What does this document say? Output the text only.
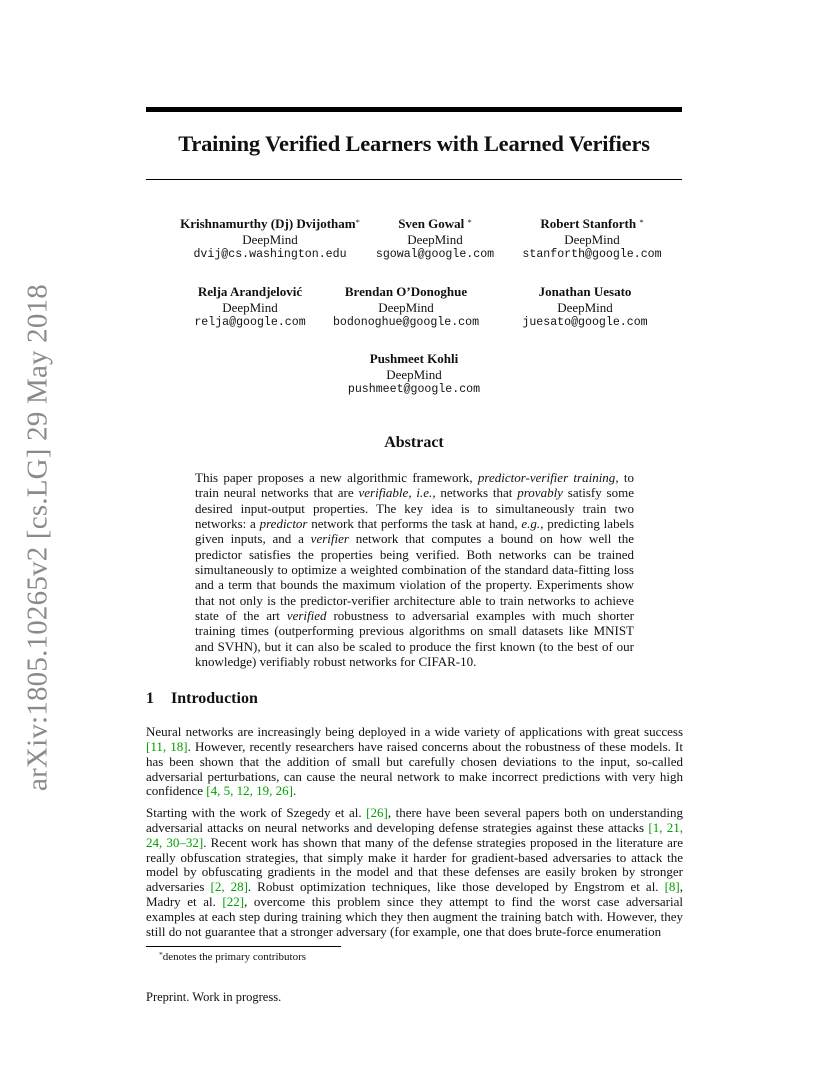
arXiv:1805.10265v2 [cs.LG] 29 May 2018
Training Verified Learners with Learned Verifiers
Krishnamurthy (Dj) Dvijotham*
DeepMind
dvij@cs.washington.edu
Sven Gowal *
DeepMind
sgowal@google.com
Robert Stanforth *
DeepMind
stanforth@google.com
Relja Arandjelović
DeepMind
relja@google.com
Brendan O’Donoghue
DeepMind
bodonoghue@google.com
Jonathan Uesato
DeepMind
juesato@google.com
Pushmeet Kohli
DeepMind
pushmeet@google.com
Abstract
This paper proposes a new algorithmic framework, predictor-verifier training, to train neural networks that are verifiable, i.e., networks that provably satisfy some desired input-output properties. The key idea is to simultaneously train two networks: a predictor network that performs the task at hand, e.g., predicting labels given inputs, and a verifier network that computes a bound on how well the predictor satisfies the properties being verified. Both networks can be trained simultaneously to optimize a weighted combination of the standard data-fitting loss and a term that bounds the maximum violation of the property. Experiments show that not only is the predictor-verifier architecture able to train networks to achieve state of the art verified robustness to adversarial examples with much shorter training times (outperforming previous algorithms on small datasets like MNIST and SVHN), but it can also be scaled to produce the first known (to the best of our knowledge) verifiably robust networks for CIFAR-10.
1 Introduction
Neural networks are increasingly being deployed in a wide variety of applications with great success [11, 18]. However, recently researchers have raised concerns about the robustness of these models. It has been shown that the addition of small but carefully chosen deviations to the input, so-called adversarial perturbations, can cause the neural network to make incorrect predictions with very high confidence [4, 5, 12, 19, 26].
Starting with the work of Szegedy et al. [26], there have been several papers both on understanding adversarial attacks on neural networks and developing defense strategies against these attacks [1, 21, 24, 30–32]. Recent work has shown that many of the defense strategies proposed in the literature are really obfuscation strategies, that simply make it harder for gradient-based adversaries to attack the model by obfuscating gradients in the model and that these defenses are easily broken by stronger adversaries [2, 28]. Robust optimization techniques, like those developed by Engstrom et al. [8], Madry et al. [22], overcome this problem since they attempt to find the worst case adversarial examples at each step during training which they then augment the training batch with. However, they still do not guarantee that a stronger adversary (for example, one that does brute-force enumeration
*denotes the primary contributors
Preprint. Work in progress.
